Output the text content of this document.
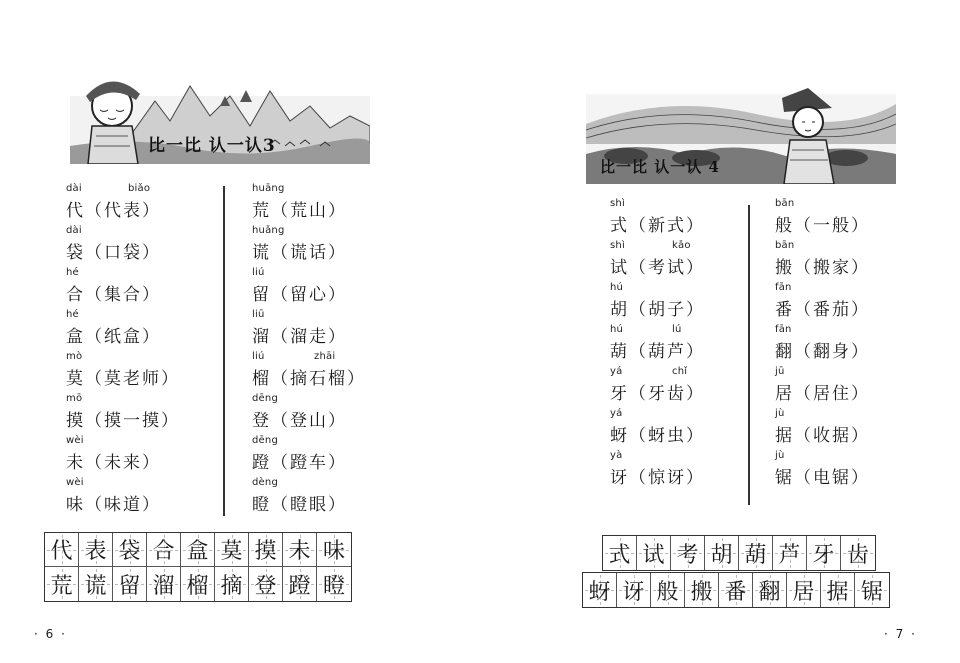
比一比 认一认3
dài	biǎo
代（代表）
dài
袋（口袋）
hé
合（集合）
hé
盒（纸盒）
mò
莫（莫老师）
mō
摸（摸一摸）
wèi
未（未来）
wèi
味（味道）
huāng
荒（荒山）
huǎng
谎（谎话）
liú
留（留心）
liū
溜（溜走）
liú	zhāi
榴（摘石榴）
dēng
登（登山）
dēng
蹬（蹬车）
dèng
瞪（瞪眼）
代 表 袋 合 盒 莫 摸 未 味
荒 谎 留 溜 榴 摘 登 蹬 瞪
· 6 ·
比一比 认一认 4
shì
式（新式）
shì	kǎo
试（考试）
hú
胡（胡子）
hú	lú
葫（葫芦）
yá	chǐ
牙（牙齿）
yá
蚜（蚜虫）
yà
讶（惊讶）
bān
般（一般）
bān
搬（搬家）
fān
番（番茄）
fān
翻（翻身）
jū
居（居住）
jù
据（收据）
jù
锯（电锯）
式 试 考 胡 葫 芦 牙 齿
蚜 讶 般 搬 番 翻 居 据 锯
· 7 ·
